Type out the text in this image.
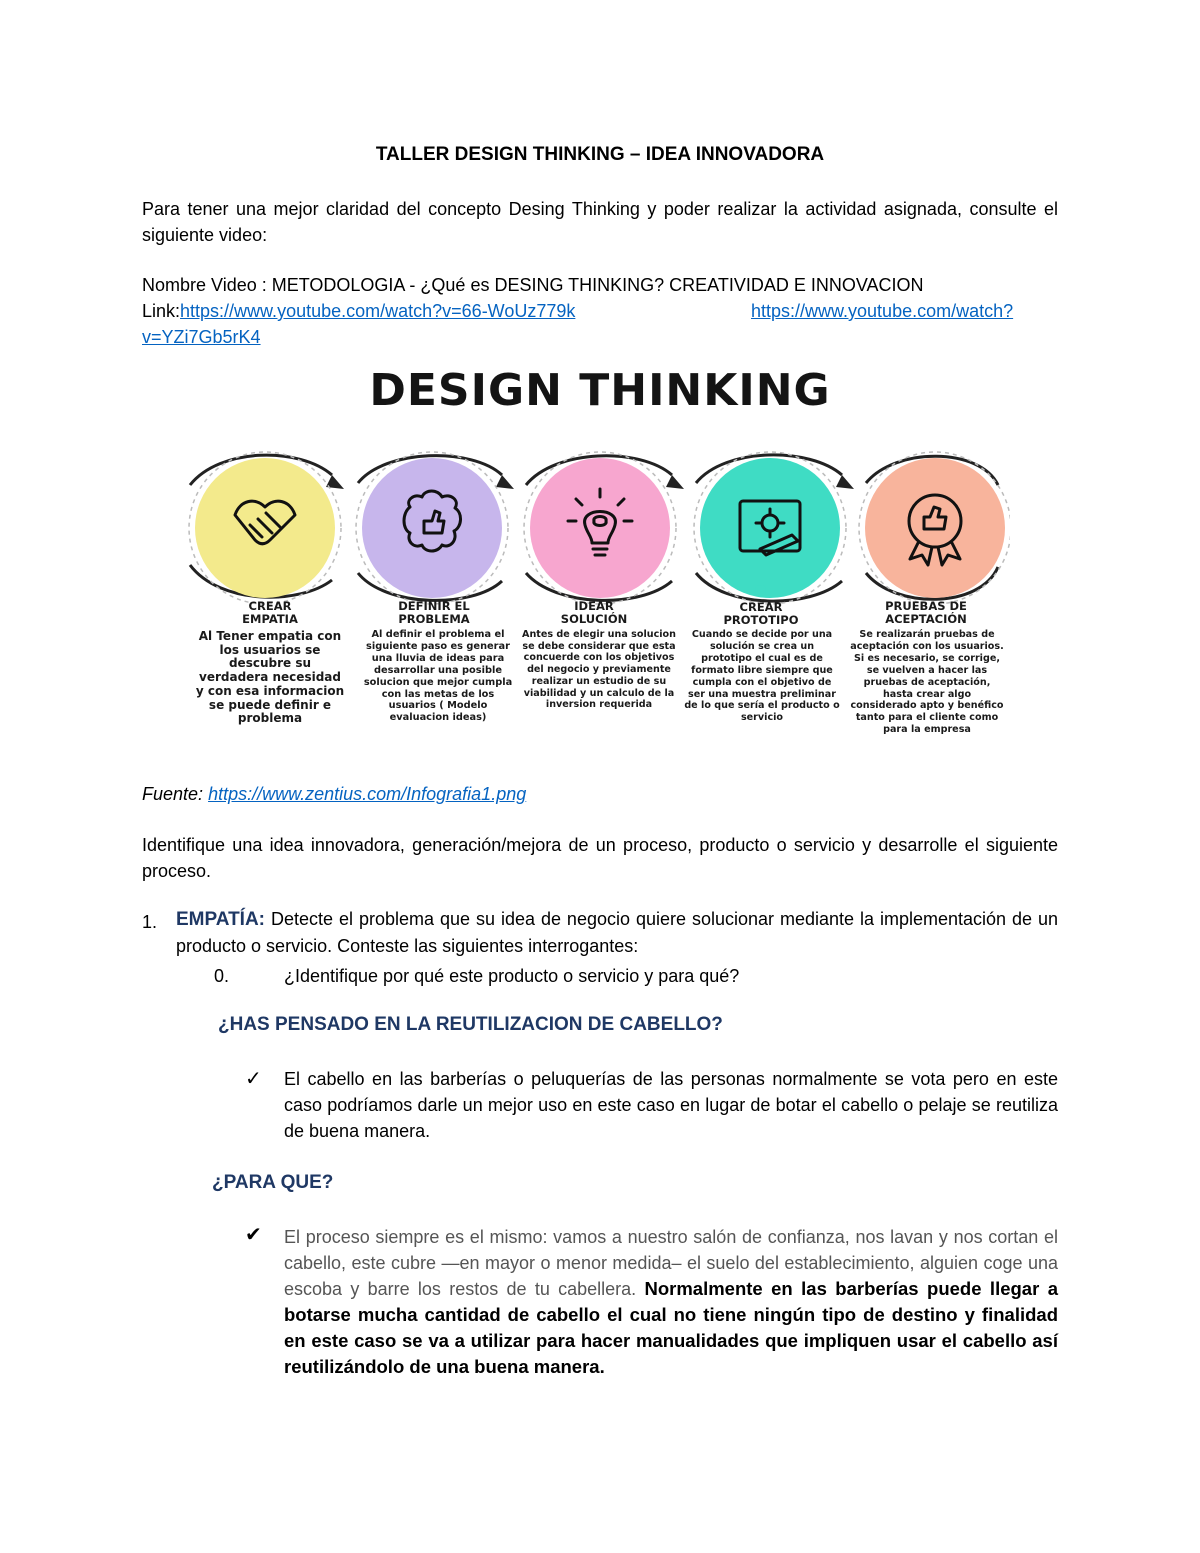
TALLER DESIGN THINKING – IDEA INNOVADORA
Para tener una mejor claridad del concepto Desing Thinking y poder realizar la actividad asignada, consulte el siguiente video:
Nombre Video : METODOLOGIA - ¿Qué es DESING THINKING? CREATIVIDAD E INNOVACION
Link:https://www.youtube.com/watch?v=66-WoUz779k	https://www.youtube.com/watch?
v=YZi7Gb5rK4
DESIGN THINKING
CREAR
EMPATIA
DEFINIR EL
PROBLEMA
IDEAR
SOLUCIÓN
CREAR
PROTOTIPO
PRUEBAS DE
ACEPTACIÓN
Al Tener empatia con los usuarios se descubre su verdadera necesidad y con esa informacion se puede definir e problema
Al definir el problema el siguiente paso es generar una lluvia de ideas para desarrollar una posible solucion que mejor cumpla con las metas de los usuarios ( Modelo evaluacion ideas)
Antes de elegir una solucion se debe considerar que esta concuerde con los objetivos del negocio y previamente realizar un estudio de su viabilidad y un calculo de la inversion requerida
Cuando se decide por una solución se crea un prototipo el cual es de formato libre siempre que cumpla con el objetivo de ser una muestra preliminar de lo que sería el producto o servicio
Se realizarán pruebas de aceptación con los usuarios. Si es necesario, se corrige, se vuelven a hacer las pruebas de aceptación, hasta crear algo considerado apto y benéfico tanto para el cliente como para la empresa
Fuente: https://www.zentius.com/Infografia1.png
Identifique una idea innovadora, generación/mejora de un proceso, producto o servicio y desarrolle el siguiente proceso.
1. EMPATÍA: Detecte el problema que su idea de negocio quiere solucionar mediante la implementación de un producto o servicio. Conteste las siguientes interrogantes:
0.	¿Identifique por qué este producto o servicio y para qué?
¿HAS PENSADO EN LA REUTILIZACION DE CABELLO?
✓ El cabello en las barberías o peluquerías de las personas normalmente se vota pero en este caso podríamos darle un mejor uso en este caso en lugar de botar el cabello o pelaje se reutiliza de buena manera.
¿PARA QUE?
✔ El proceso siempre es el mismo: vamos a nuestro salón de confianza, nos lavan y nos cortan el cabello, este cubre —en mayor o menor medida– el suelo del establecimiento, alguien coge una escoba y barre los restos de tu cabellera. Normalmente en las barberías puede llegar a botarse mucha cantidad de cabello el cual no tiene ningún tipo de destino y finalidad en este caso se va a utilizar para hacer manualidades que impliquen usar el cabello así reutilizándolo de una buena manera.
